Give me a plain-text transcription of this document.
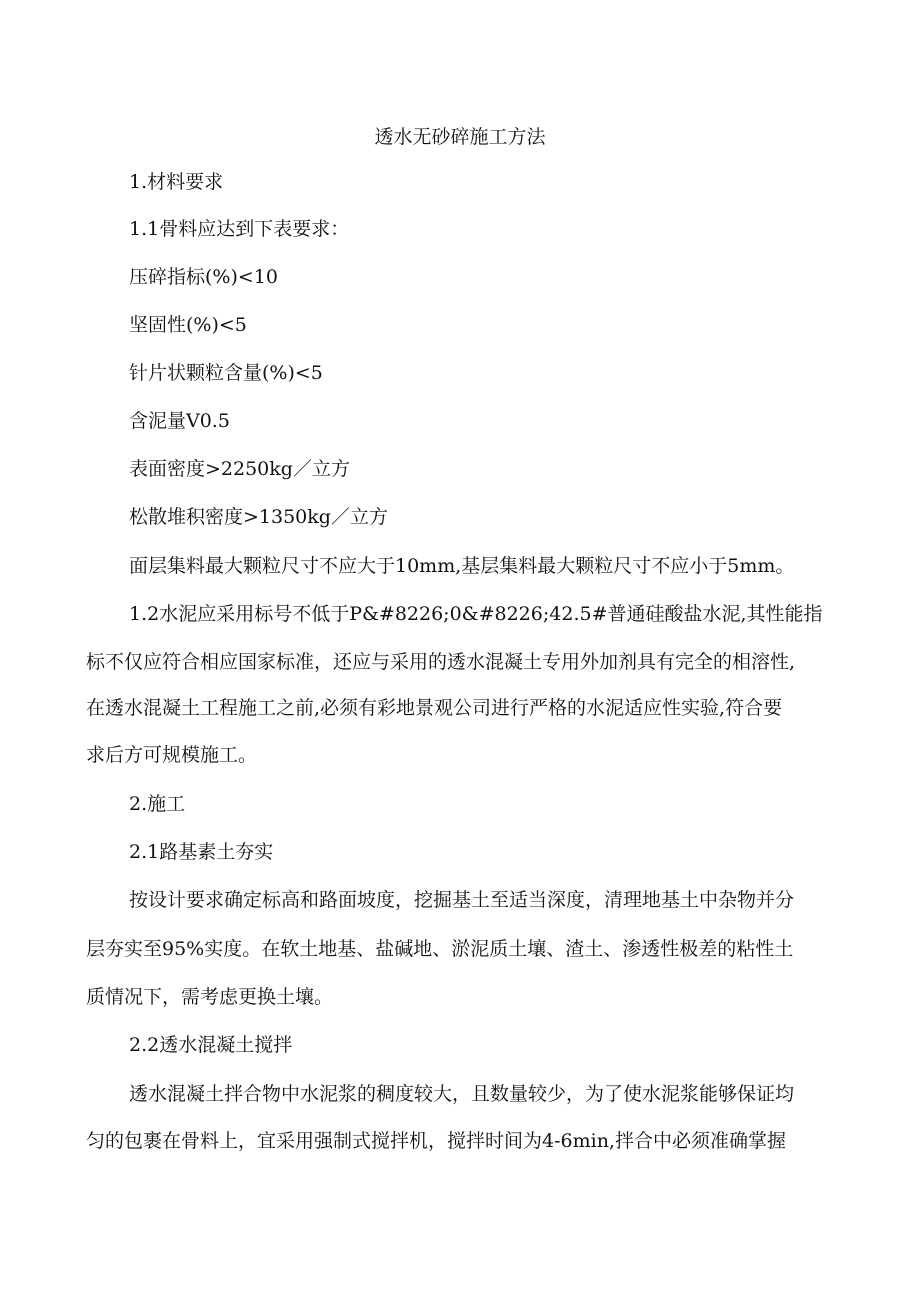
透水无砂碎施工方法
1.材料要求
1.1骨料应达到下表要求：
压碎指标(%)<10
坚固性(%)<5
针片状颗粒含量(%)<5
含泥量V0.5
表面密度>2250kg／立方
松散堆积密度>1350kg／立方
面层集料最大颗粒尺寸不应大于10mm,基层集料最大颗粒尺寸不应小于5mm。
1.2水泥应采用标号不低于P&#8226;0&#8226;42.5#普通硅酸盐水泥,其性能指
标不仅应符合相应国家标准，还应与采用的透水混凝土专用外加剂具有完全的相溶性,
在透水混凝土工程施工之前,必须有彩地景观公司进行严格的水泥适应性实验,符合要
求后方可规模施工。
2.施工
2.1路基素土夯实
按设计要求确定标高和路面坡度，挖掘基土至适当深度，清理地基土中杂物并分
层夯实至95%实度。在软土地基、盐碱地、淤泥质土壤、渣土、渗透性极差的粘性土
质情况下，需考虑更换土壤。
2.2透水混凝土搅拌
透水混凝土拌合物中水泥浆的稠度较大，且数量较少，为了使水泥浆能够保证均
匀的包裹在骨料上，宜采用强制式搅拌机，搅拌时间为4-6min,拌合中必须准确掌握
